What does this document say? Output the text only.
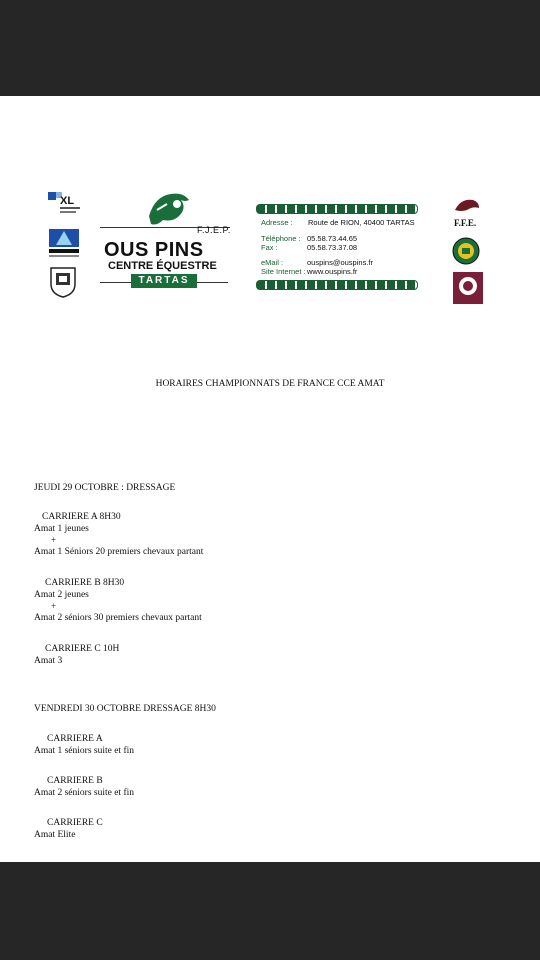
XL
F.J.E.P.
OUS PINS
CENTRE ÉQUESTRE
TARTAS
Adresse : Route de RION, 40400 TARTAS
Téléphone : 05.58.73.44.65
Fax :	05.58.73.37.08
eMail :	ouspins@ouspins.fr
Site Internet : www.ouspins.fr
F.F.E.
HORAIRES CHAMPIONNATS DE FRANCE CCE AMAT
JEUDI 29 OCTOBRE : DRESSAGE
CARRIERE A 8H30
Amat 1 jeunes
+
Amat 1 Séniors 20 premiers chevaux partant
CARRIERE B 8H30
Amat 2 jeunes
+
Amat 2 séniors 30 premiers chevaux partant
CARRIERE C 10H
Amat 3
VENDREDI 30 OCTOBRE DRESSAGE 8H30
CARRIERE A
Amat 1 séniors suite et fin
CARRIERE B
Amat 2 séniors suite et fin
CARRIERE C
Amat Elite
